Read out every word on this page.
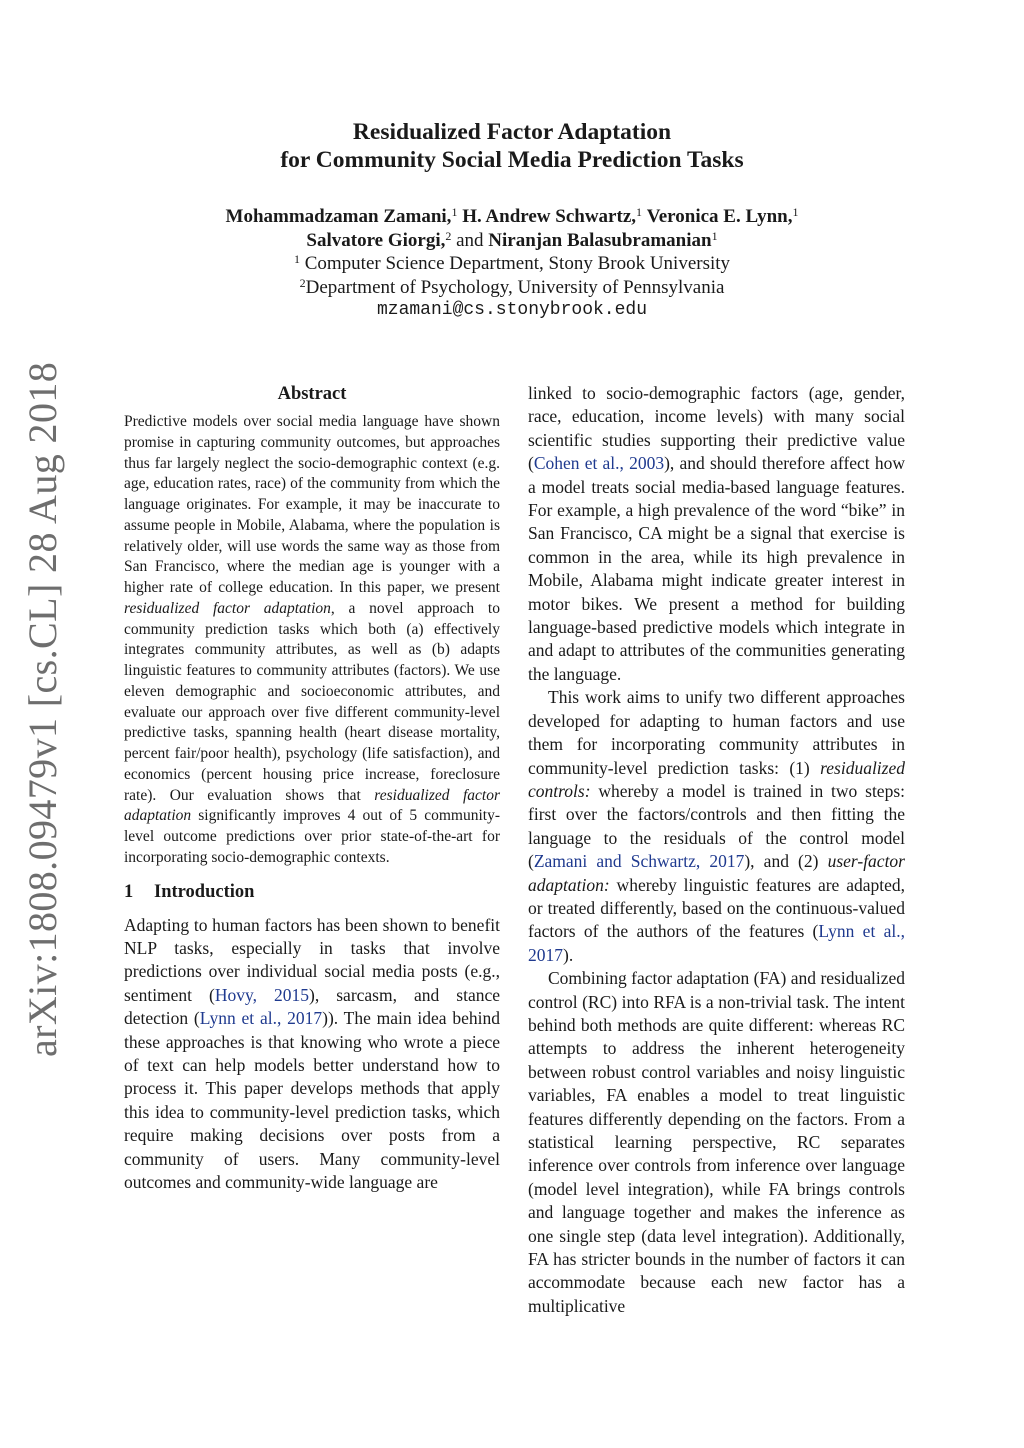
arXiv:1808.09479v1 [cs.CL] 28 Aug 2018
Residualized Factor Adaptation
for Community Social Media Prediction Tasks
Mohammadzaman Zamani,$^1$ H. Andrew Schwartz,$^1$ Veronica E. Lynn,$^1$
Salvatore Giorgi,$^2$ and Niranjan Balasubramanian$^1$
$^1$ Computer Science Department, Stony Brook University
$^2$Department of Psychology, University of Pennsylvania
mzamani@cs.stonybrook.edu
Abstract

Predictive models over social media language have shown promise in capturing community outcomes, but approaches thus far largely neglect the socio-demographic context (e.g. age, education rates, race) of the community from which the language originates. For example, it may be inaccurate to assume people in Mobile, Alabama, where the population is relatively older, will use words the same way as those from San Francisco, where the median age is younger with a higher rate of college education. In this paper, we present residualized factor adaptation, a novel approach to community prediction tasks which both (a) effectively integrates community attributes, as well as (b) adapts linguistic features to community attributes (factors). We use eleven demographic and socioeconomic attributes, and evaluate our approach over five different community-level predictive tasks, spanning health (heart disease mortality, percent fair/poor health), psychology (life satisfaction), and economics (percent housing price increase, foreclosure rate). Our evaluation shows that residualized factor adaptation significantly improves 4 out of 5 community-level outcome predictions over prior state-of-the-art for incorporating socio-demographic contexts.

1 Introduction

Adapting to human factors has been shown to benefit NLP tasks, especially in tasks that involve predictions over individual social media posts (e.g., sentiment (Hovy, 2015), sarcasm, and stance detection (Lynn et al., 2017)). The main idea behind these approaches is that knowing who wrote a piece of text can help models better understand how to process it. This paper develops methods that apply this idea to community-level prediction tasks, which require making decisions over posts from a community of users. Many community-level outcomes and community-wide language are

linked to socio-demographic factors (age, gender, race, education, income levels) with many social scientific studies supporting their predictive value (Cohen et al., 2003), and should therefore affect how a model treats social media-based language features. For example, a high prevalence of the word “bike” in San Francisco, CA might be a signal that exercise is common in the area, while its high prevalence in Mobile, Alabama might indicate greater interest in motor bikes. We present a method for building language-based predictive models which integrate in and adapt to attributes of the communities generating the language.

This work aims to unify two different approaches developed for adapting to human factors and use them for incorporating community attributes in community-level prediction tasks: (1) residualized controls: whereby a model is trained in two steps: first over the factors/controls and then fitting the language to the residuals of the control model (Zamani and Schwartz, 2017), and (2) user-factor adaptation: whereby linguistic features are adapted, or treated differently, based on the continuous-valued factors of the authors of the features (Lynn et al., 2017).

Combining factor adaptation (FA) and residualized control (RC) into RFA is a non-trivial task. The intent behind both methods are quite different: whereas RC attempts to address the inherent heterogeneity between robust control variables and noisy linguistic variables, FA enables a model to treat linguistic features differently depending on the factors. From a statistical learning perspective, RC separates inference over controls from inference over language (model level integration), while FA brings controls and language together and makes the inference as one single step (data level integration). Additionally, FA has stricter bounds in the number of factors it can accommodate because each new factor has a multiplicative
